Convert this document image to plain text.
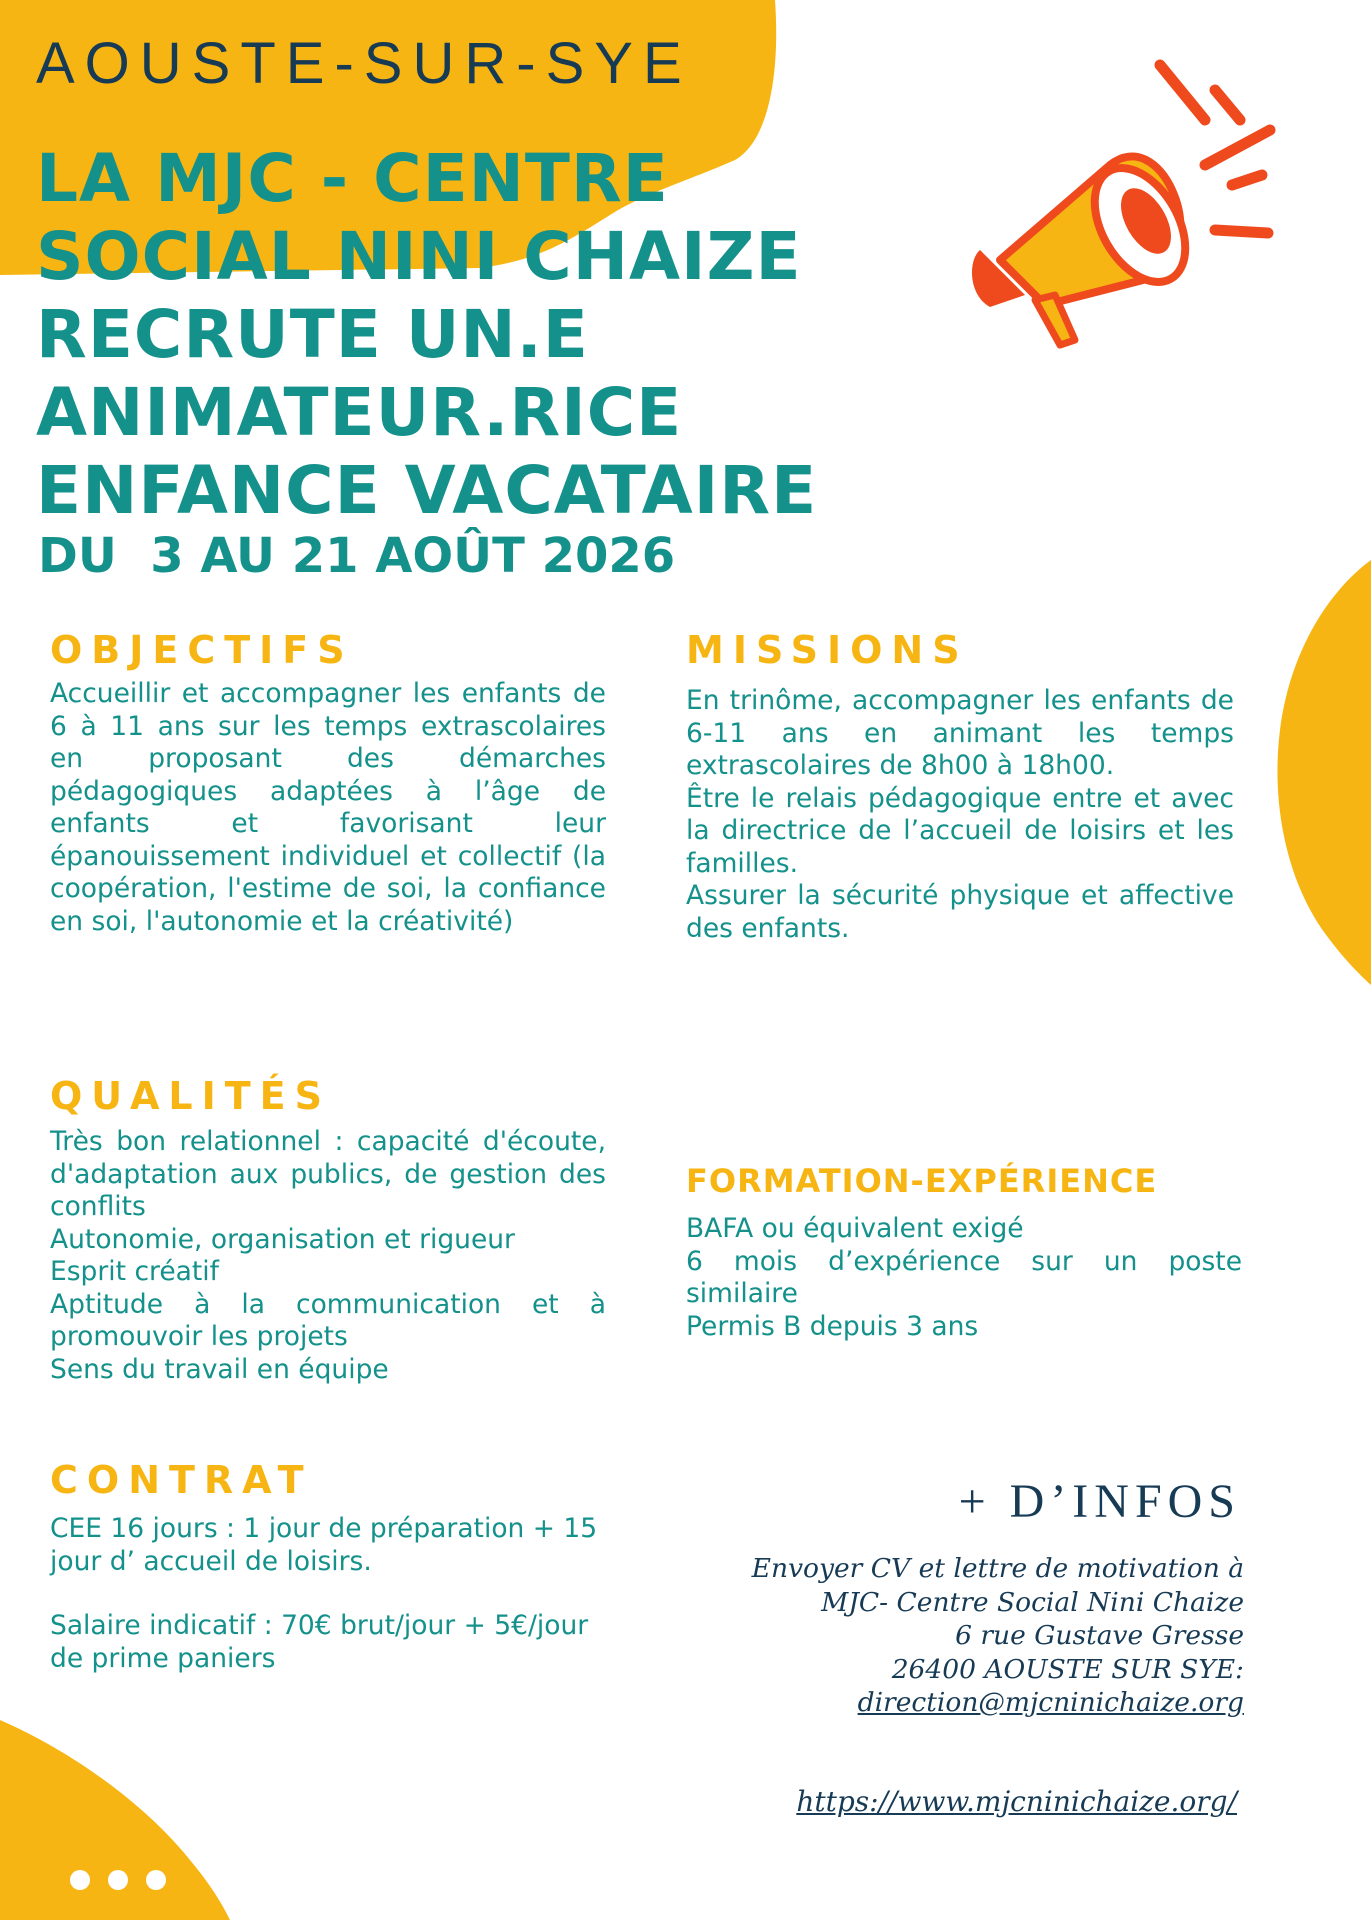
AOUSTE-SUR-SYE
LA MJC - CENTRE
SOCIAL NINI CHAIZE
RECRUTE UN.E
ANIMATEUR.RICE
ENFANCE VACATAIRE
DU  3 AU 21 AOÛT 2026
OBJECTIFS

Accueillir et accompagner les enfants de 6 à 11 ans sur les temps extrascolaires en proposant des démarches pédagogiques adaptées à l’âge de enfants et favorisant leur épanouissement individuel et collectif (la coopération, l'estime de soi, la confiance en soi, l'autonomie et la créativité)

MISSIONS

En trinôme, accompagner les enfants de 6-11 ans en animant les temps extrascolaires de 8h00 à 18h00.

Être le relais pédagogique entre et avec la directrice de l’accueil de loisirs et les familles.

Assurer la sécurité physique et affective des enfants.

QUALITÉS

Très bon relationnel : capacité d'écoute, d'adaptation aux publics, de gestion des conflits

Autonomie, organisation et rigueur

Esprit créatif

Aptitude à la communication et à promouvoir les projets

Sens du travail en équipe

FORMATION-EXPÉRIENCE

BAFA ou équivalent exigé

6 mois d’expérience sur un poste similaire

Permis B depuis 3 ans

CONTRAT

CEE 16 jours : 1 jour de préparation + 15 jour d’ accueil de loisirs.

Salaire indicatif : 70€ brut/jour + 5€/jour de prime paniers

+ D’INFOS
Envoyer CV et lettre de motivation à
MJC- Centre Social Nini Chaize
6 rue Gustave Gresse
26400 AOUSTE SUR SYE:
direction@mjcninichaize.org
https://www.mjcninichaize.org/
